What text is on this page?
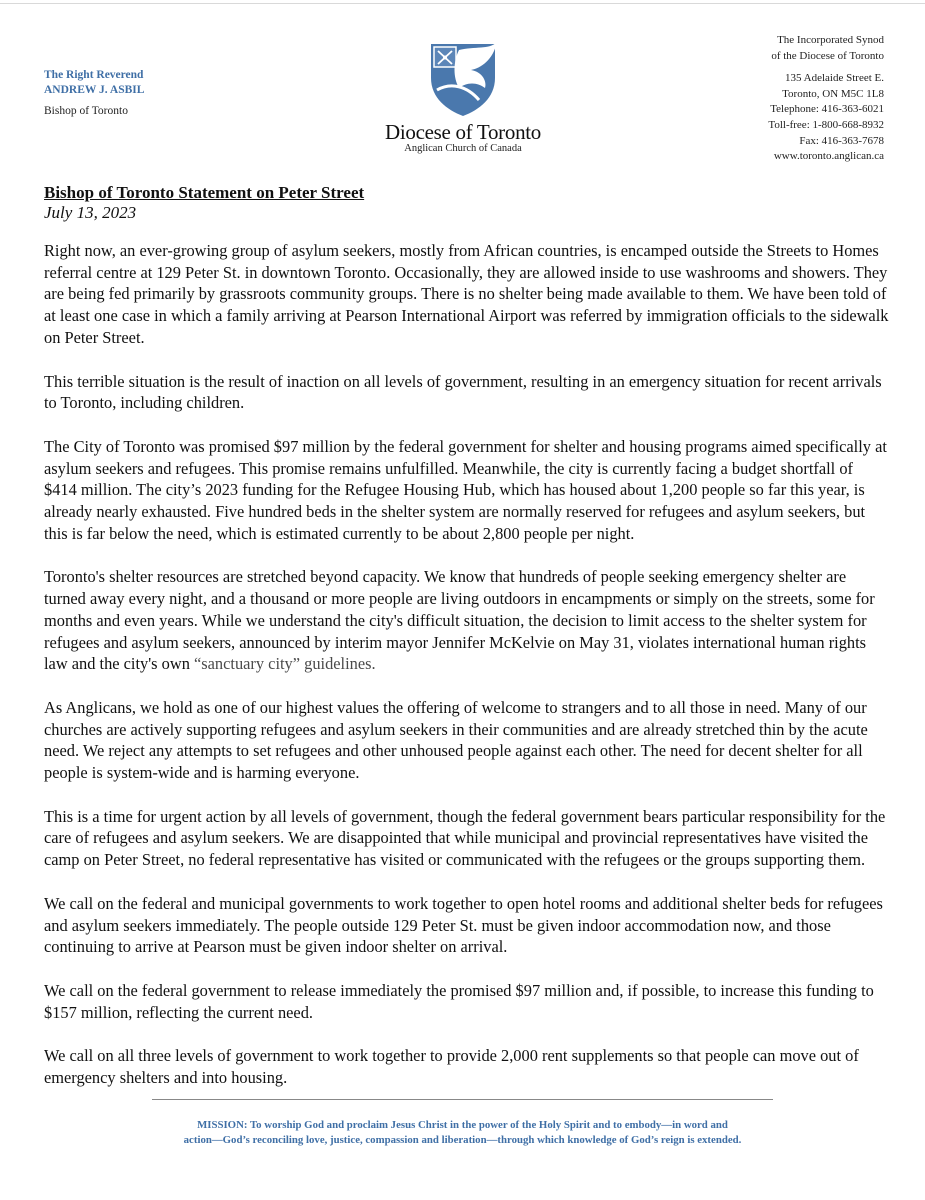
The Right Reverend
ANDREW J. ASBIL
Bishop of Toronto
Diocese of Toronto
Anglican Church of Canada
The Incorporated Synod
of the Diocese of Toronto
135 Adelaide Street E.
Toronto, ON M5C 1L8
Telephone: 416-363-6021
Toll-free: 1-800-668-8932
Fax: 416-363-7678
www.toronto.anglican.ca
Bishop of Toronto Statement on Peter Street
July 13, 2023

Right now, an ever-growing group of asylum seekers, mostly from African countries, is encamped outside the Streets to Homes referral centre at 129 Peter St. in downtown Toronto. Occasionally, they are allowed inside to use washrooms and showers. They are being fed primarily by grassroots community groups. There is no shelter being made available to them. We have been told of at least one case in which a family arriving at Pearson International Airport was referred by immigration officials to the sidewalk on Peter Street.

This terrible situation is the result of inaction on all levels of government, resulting in an emergency situation for recent arrivals to Toronto, including children.

The City of Toronto was promised $97 million by the federal government for shelter and housing programs aimed specifically at asylum seekers and refugees. This promise remains unfulfilled. Meanwhile, the city is currently facing a budget shortfall of $414 million. The city’s 2023 funding for the Refugee Housing Hub, which has housed about 1,200 people so far this year, is already nearly exhausted. Five hundred beds in the shelter system are normally reserved for refugees and asylum seekers, but this is far below the need, which is estimated currently to be about 2,800 people per night.

Toronto's shelter resources are stretched beyond capacity. We know that hundreds of people seeking emergency shelter are turned away every night, and a thousand or more people are living outdoors in encampments or simply on the streets, some for months and even years. While we understand the city's difficult situation, the decision to limit access to the shelter system for refugees and asylum seekers, announced by interim mayor Jennifer McKelvie on May 31, violates international human rights law and the city's own “sanctuary city” guidelines.

As Anglicans, we hold as one of our highest values the offering of welcome to strangers and to all those in need. Many of our churches are actively supporting refugees and asylum seekers in their communities and are already stretched thin by the acute need. We reject any attempts to set refugees and other unhoused people against each other. The need for decent shelter for all people is system-wide and is harming everyone.

This is a time for urgent action by all levels of government, though the federal government bears particular responsibility for the care of refugees and asylum seekers. We are disappointed that while municipal and provincial representatives have visited the camp on Peter Street, no federal representative has visited or communicated with the refugees or the groups supporting them.

We call on the federal and municipal governments to work together to open hotel rooms and additional shelter beds for refugees and asylum seekers immediately. The people outside 129 Peter St. must be given indoor accommodation now, and those continuing to arrive at Pearson must be given indoor shelter on arrival.

We call on the federal government to release immediately the promised $97 million and, if possible, to increase this funding to $157 million, reflecting the current need.

We call on all three levels of government to work together to provide 2,000 rent supplements so that people can move out of emergency shelters and into housing.

MISSION: To worship God and proclaim Jesus Christ in the power of the Holy Spirit and to embody—in word and
action—God’s reconciling love, justice, compassion and liberation—through which knowledge of God’s reign is extended.
